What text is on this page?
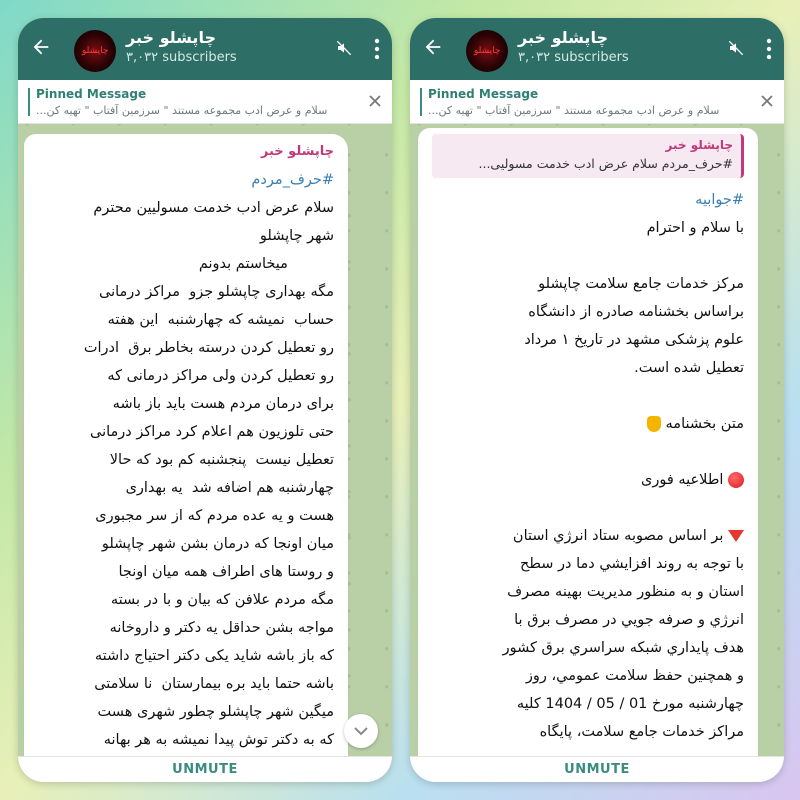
چاپشلو
چاپشلو خبر
۳,۰۳۲ subscribers
Pinned Message
سلام و عرض ادب مجموعه مستند " سرزمین آفتاب " تهیه کن...
چاپشلو خبر
#حرف_مردم
سلام عرض ادب خدمت مسولیین محترم
شهر چاپشلو
میخاستم بدونم
مگه بهداری چاپشلو جزو  مراکز درمانی
حساب  نمیشه که چهارشنبه  این هفته
رو تعطیل کردن درسته بخاطر برق  ادرات
رو تعطیل کردن ولی مراکز درمانی که
برای درمان مردم هست باید باز باشه
حتی تلوزیون هم اعلام کرد مراکز درمانی
تعطیل نیست  پنجشنبه کم بود که حالا
چهارشنبه هم اضافه شد  یه بهداری
هست و یه عده مردم که از سر مجبوری
میان اونجا که درمان بشن شهر چاپشلو
و روستا های اطراف همه میان اونجا
مگه مردم علافن که بیان و با در بسته
مواجه بشن حداقل یه دکتر و داروخانه
که باز باشه شاید یکی دکتر احتیاج داشته
باشه حتما باید بره بیمارستان  نا سلامتی
میگین شهر چاپشلو چطور شهری هست
که به دکتر توش پیدا نمیشه به هر بهانه
UNMUTE
چاپشلو
چاپشلو خبر
۳,۰۳۲ subscribers
Pinned Message
سلام و عرض ادب مجموعه مستند " سرزمین آفتاب " تهیه کن...
چاپشلو خبر
#حرف_مردم سلام عرض ادب خدمت مسولیی...
#جوابیه
با سلام و احترام

مرکز خدمات جامع سلامت چاپشلو
براساس بخشنامه صادره از دانشگاه
علوم پزشکی مشهد در تاریخ ۱ مرداد
تعطیل شده است.

متن بخشنامه

اطلاعیه فوری

بر اساس مصوبه ستاد انرژي استان
با توجه به روند افزايشي دما در سطح
استان و به منظور مديريت بهينه مصرف
انرژي و صرفه جويي در مصرف برق با
هدف پايداري شبكه سراسري برق كشور
و همچنين حفظ سلامت عمومي، روز
چهارشنبه مورخ 01 / 05 / 1404 كليه
مراكز خدمات جامع سلامت، پايگاه
UNMUTE
